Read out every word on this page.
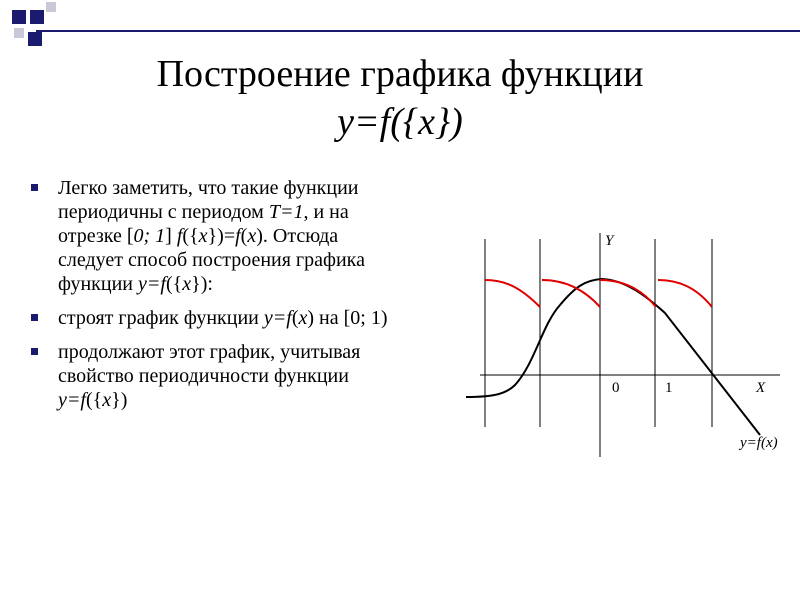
Построение графика функции
y=f({x})
Легко заметить, что такие функции периодичны с периодом T=1, и на отрезке [0; 1] f({x})=f(x). Отсюда следует способ построения графика функции y=f({x}):
строят график функции y=f(x) на [0; 1)
продолжают этот график, учитывая свойство периодичности функции y=f({x})
Y
X
0	1
y=f(x)
